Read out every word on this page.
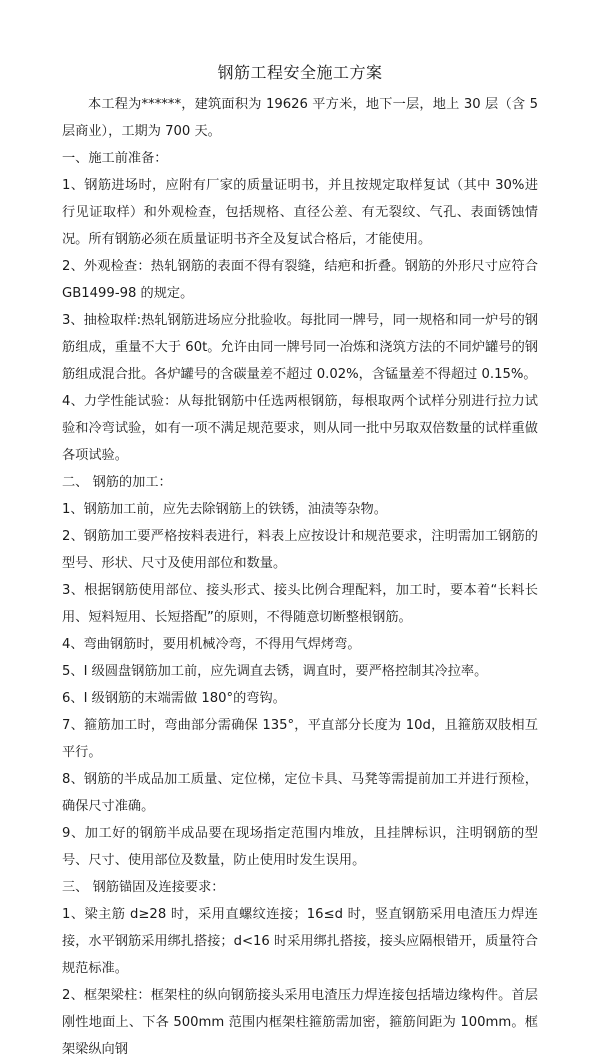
钢筋工程安全施工方案

本工程为******，建筑面积为 19626 平方米，地下一层，地上 30 层（含 5 层商业），工期为 700 天。

一、施工前准备：

1、钢筋进场时，应附有厂家的质量证明书，并且按规定取样复试（其中 30%进行见证取样）和外观检查，包括规格、直径公差、有无裂纹、气孔、表面锈蚀情况。所有钢筋必须在质量证明书齐全及复试合格后，才能使用。

2、外观检查：热轧钢筋的表面不得有裂缝，结疤和折叠。钢筋的外形尺寸应符合 GB1499-98 的规定。

3、抽检取样:热轧钢筋进场应分批验收。每批同一牌号，同一规格和同一炉号的钢筋组成，重量不大于 60t。允许由同一牌号同一冶炼和浇筑方法的不同炉罐号的钢筋组成混合批。各炉罐号的含碳量差不超过 0.02%，含锰量差不得超过 0.15%。

4、力学性能试验：从每批钢筋中任选两根钢筋，每根取两个试样分别进行拉力试验和冷弯试验，如有一项不满足规范要求，则从同一批中另取双倍数量的试样重做各项试验。

二、 钢筋的加工：

1、钢筋加工前，应先去除钢筋上的铁锈，油渍等杂物。

2、钢筋加工要严格按料表进行，料表上应按设计和规范要求，注明需加工钢筋的型号、形状、尺寸及使用部位和数量。

3、根据钢筋使用部位、接头形式、接头比例合理配料，加工时，要本着“长料长用、短料短用、长短搭配”的原则，不得随意切断整根钢筋。

4、弯曲钢筋时，要用机械冷弯，不得用气焊烤弯。

5、I 级圆盘钢筋加工前，应先调直去锈，调直时，要严格控制其冷拉率。

6、I 级钢筋的末端需做 180°的弯钩。

7、箍筋加工时，弯曲部分需确保 135°，平直部分长度为 10d，且箍筋双肢相互平行。

8、钢筋的半成品加工质量、定位梯，定位卡具、马凳等需提前加工并进行预检，确保尺寸准确。

9、加工好的钢筋半成品要在现场指定范围内堆放，且挂牌标识，注明钢筋的型号、尺寸、使用部位及数量，防止使用时发生误用。

三、 钢筋锚固及连接要求：

1、梁主筋 d≥28 时，采用直螺纹连接；16≤d 时，竖直钢筋采用电渣压力焊连接，水平钢筋采用绑扎搭接；d<16 时采用绑扎搭接，接头应隔根错开，质量符合规范标准。

2、框架梁柱：框架柱的纵向钢筋接头采用电渣压力焊连接包括墙边缘构件。首层刚性地面上、下各 500mm 范围内框架柱箍筋需加密，箍筋间距为 100mm。框架梁纵向钢
